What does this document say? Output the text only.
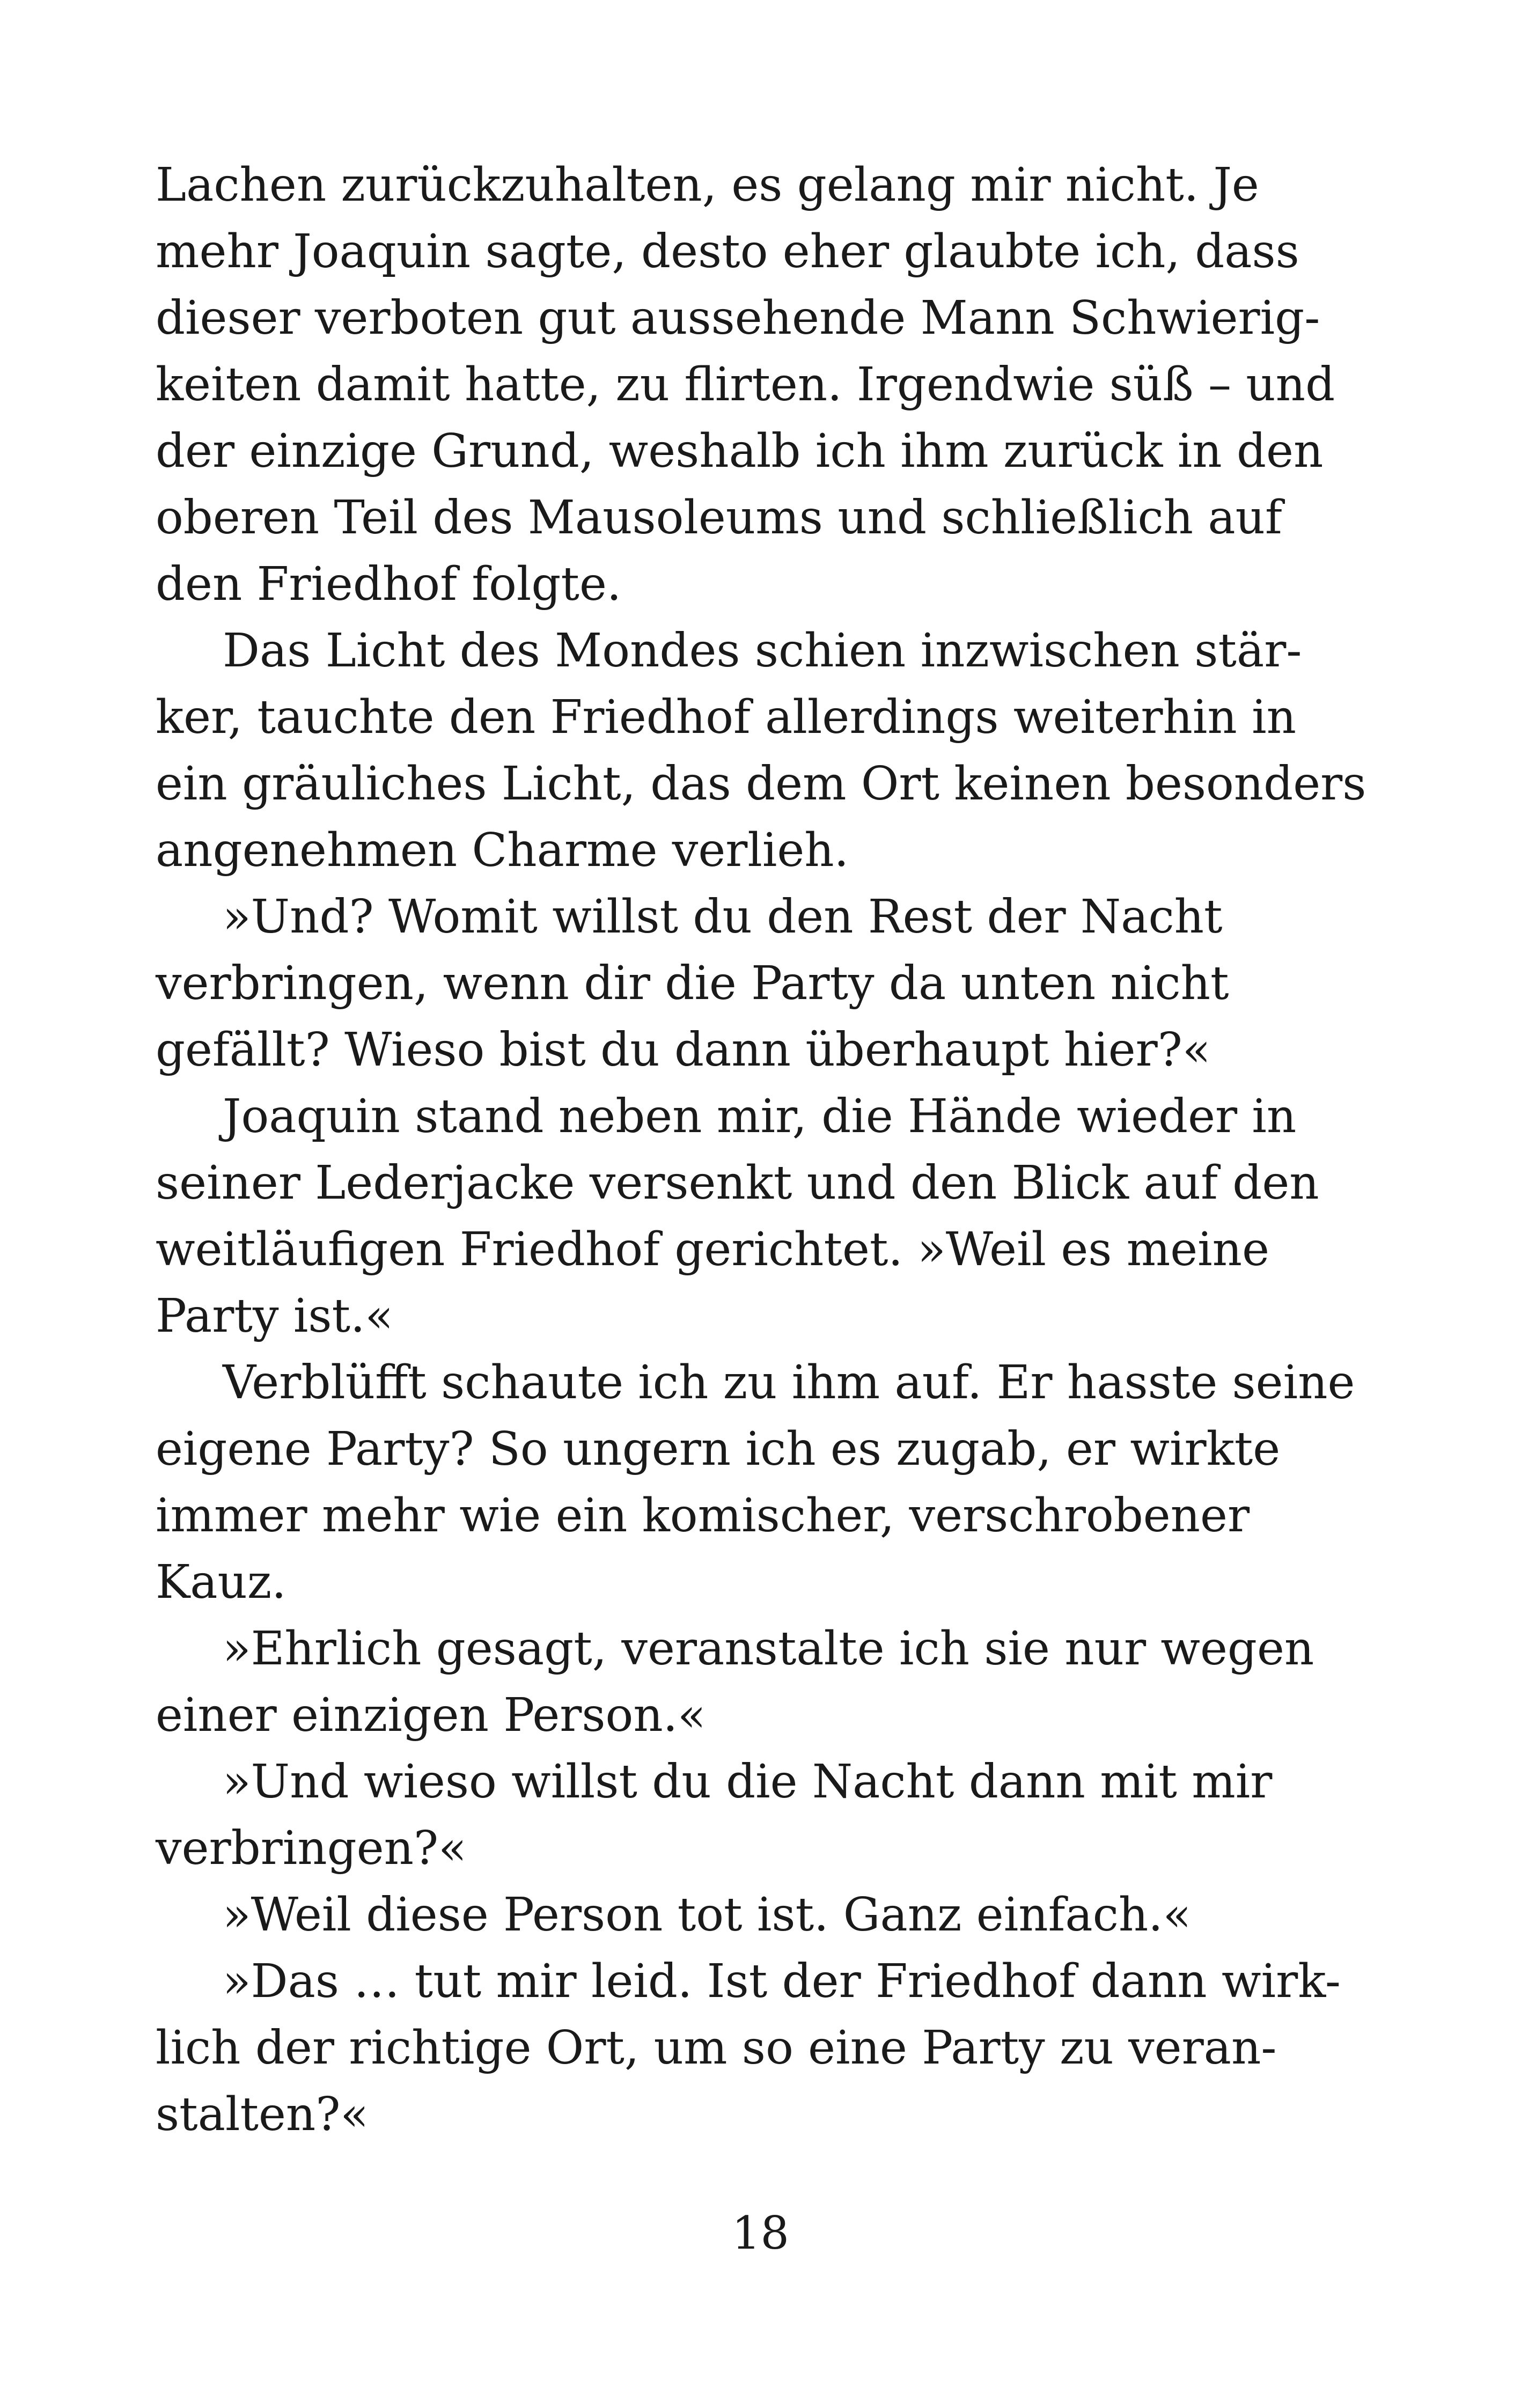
Lachen zurückzuhalten, es gelang mir nicht. Je
mehr Joaquin sagte, desto eher glaubte ich, dass
dieser verboten gut aussehende Mann Schwierig-
keiten damit hatte, zu flirten. Irgendwie süß – und
der einzige Grund, weshalb ich ihm zurück in den
oberen Teil des Mausoleums und schließlich auf
den Friedhof folgte.
Das Licht des Mondes schien inzwischen stär-
ker, tauchte den Friedhof allerdings weiterhin in
ein gräuliches Licht, das dem Ort keinen besonders
angenehmen Charme verlieh.
»Und? Womit willst du den Rest der Nacht
verbringen, wenn dir die Party da unten nicht
gefällt? Wieso bist du dann überhaupt hier?«
Joaquin stand neben mir, die Hände wieder in
seiner Lederjacke versenkt und den Blick auf den
weitläufigen Friedhof gerichtet. »Weil es meine
Party ist.«
Verblüfft schaute ich zu ihm auf. Er hasste seine
eigene Party? So ungern ich es zugab, er wirkte
immer mehr wie ein komischer, verschrobener
Kauz.
»Ehrlich gesagt, veranstalte ich sie nur wegen
einer einzigen Person.«
»Und wieso willst du die Nacht dann mit mir
verbringen?«
»Weil diese Person tot ist. Ganz einfach.«
»Das … tut mir leid. Ist der Friedhof dann wirk-
lich der richtige Ort, um so eine Party zu veran-
stalten?«
18
